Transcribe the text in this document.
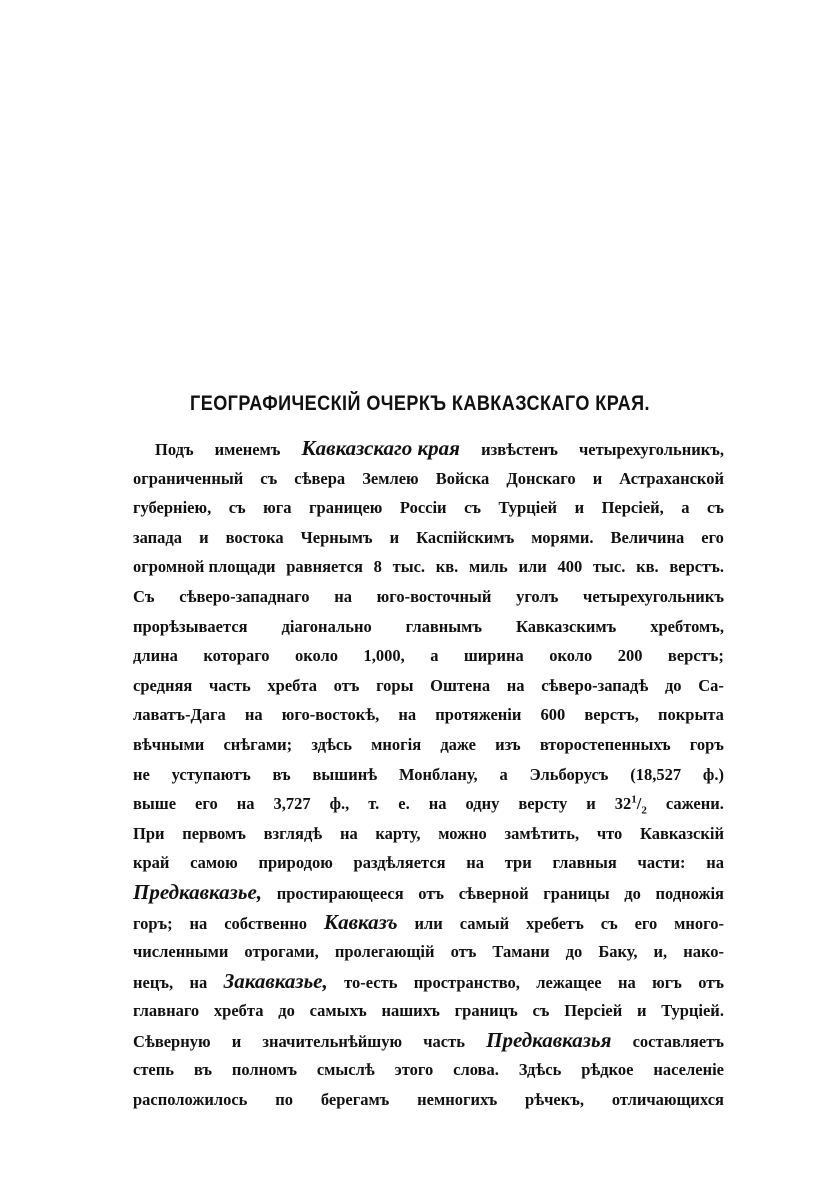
ГЕОГРАФИЧЕСКІЙ ОЧЕРКЪ КАВКАЗСКАГО КРАЯ.
Подъ именемъ Кавказскаго края извѣстенъ четырехугольникъ,
ограниченный съ сѣвера Землею Войска Донскаго и Астраханской
губерніею, съ юга границею Россіи съ Турціей и Персіей, а съ
запада и востока Чернымъ и Каспійскимъ морями. Величина его
огромной площади равняется 8 тыс. кв. миль или 400 тыс. кв. верстъ.
Съ сѣверо-западнаго на юго-восточный уголъ четырехугольникъ
прорѣзывается діагонально главнымъ Кавказскимъ хребтомъ,
длина котораго около 1,000, а ширина около 200 верстъ;
средняя часть хребта отъ горы Оштена на сѣверо-западѣ до Са-
лаватъ-Дага на юго-востокѣ, на протяженіи 600 верстъ, покрыта
вѣчными снѣгами; здѣсь многія даже изъ второстепенныхъ горъ
не уступаютъ въ вышинѣ Монблану, а Эльборусъ (18,527 ф.)
выше его на 3,727 ф., т. е. на одну версту и $32^1/_2$ сажени.
При первомъ взглядѣ на карту, можно замѣтить, что Кавказскій
край самою природою раздѣляется на три главныя части: на
Предкавказье, простирающееся отъ сѣверной границы до подножія
горъ; на собственно Кавказъ или самый хребетъ съ его много-
численными отрогами, пролегающій отъ Тамани до Баку, и, нако-
нецъ, на Закавказье, то-есть пространство, лежащее на югъ отъ
главнаго хребта до самыхъ нашихъ границъ съ Персіей и Турціей.
Сѣверную и значительнѣйшую часть Предкавказья составляетъ
степь въ полномъ смыслѣ этого слова. Здѣсь рѣдкое населеніе
расположилось по берегамъ немногихъ рѣчекъ, отличающихся
